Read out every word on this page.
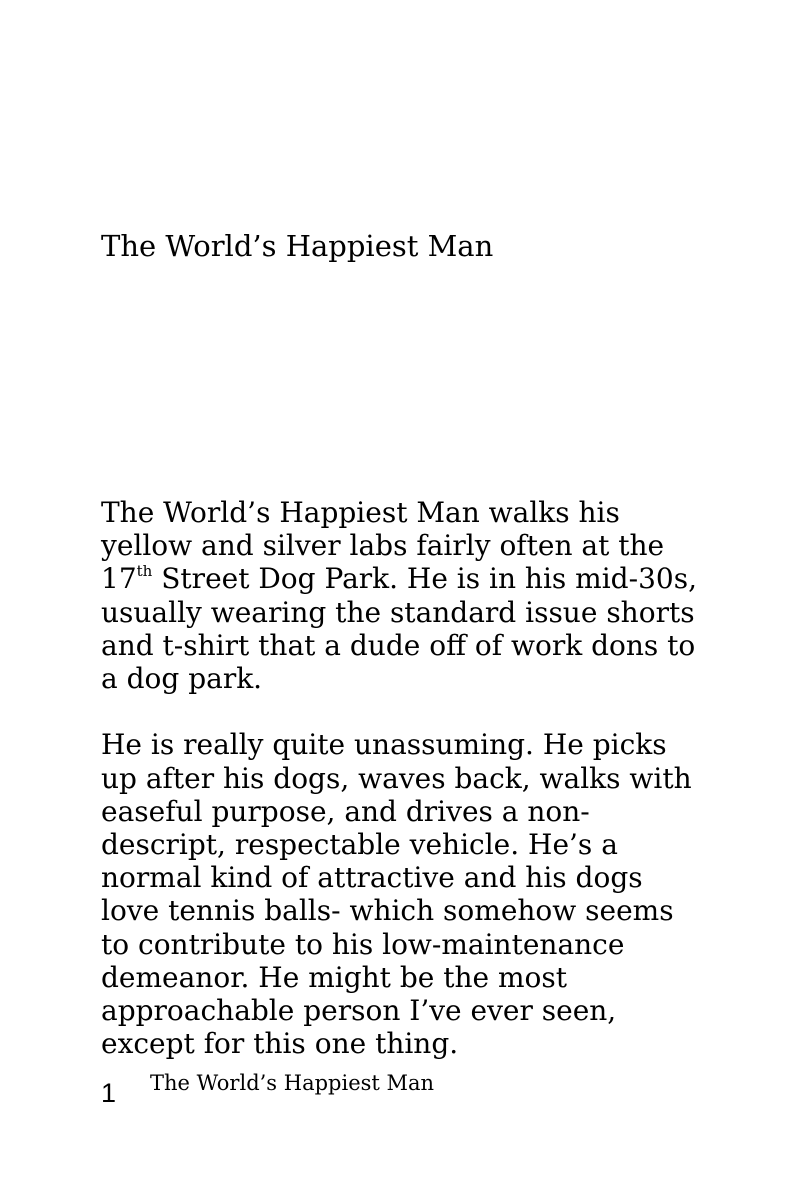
The World’s Happiest Man
The World’s Happiest Man walks his
yellow and silver labs fairly often at the
17th Street Dog Park. He is in his mid-30s,
usually wearing the standard issue shorts
and t-shirt that a dude off of work dons to
a dog park.
He is really quite unassuming. He picks
up after his dogs, waves back, walks with
easeful purpose, and drives a non-
descript, respectable vehicle. He’s a
normal kind of attractive and his dogs
love tennis balls- which somehow seems
to contribute to his low-maintenance
demeanor. He might be the most
approachable person I’ve ever seen,
except for this one thing.
1 The World’s Happiest Man
